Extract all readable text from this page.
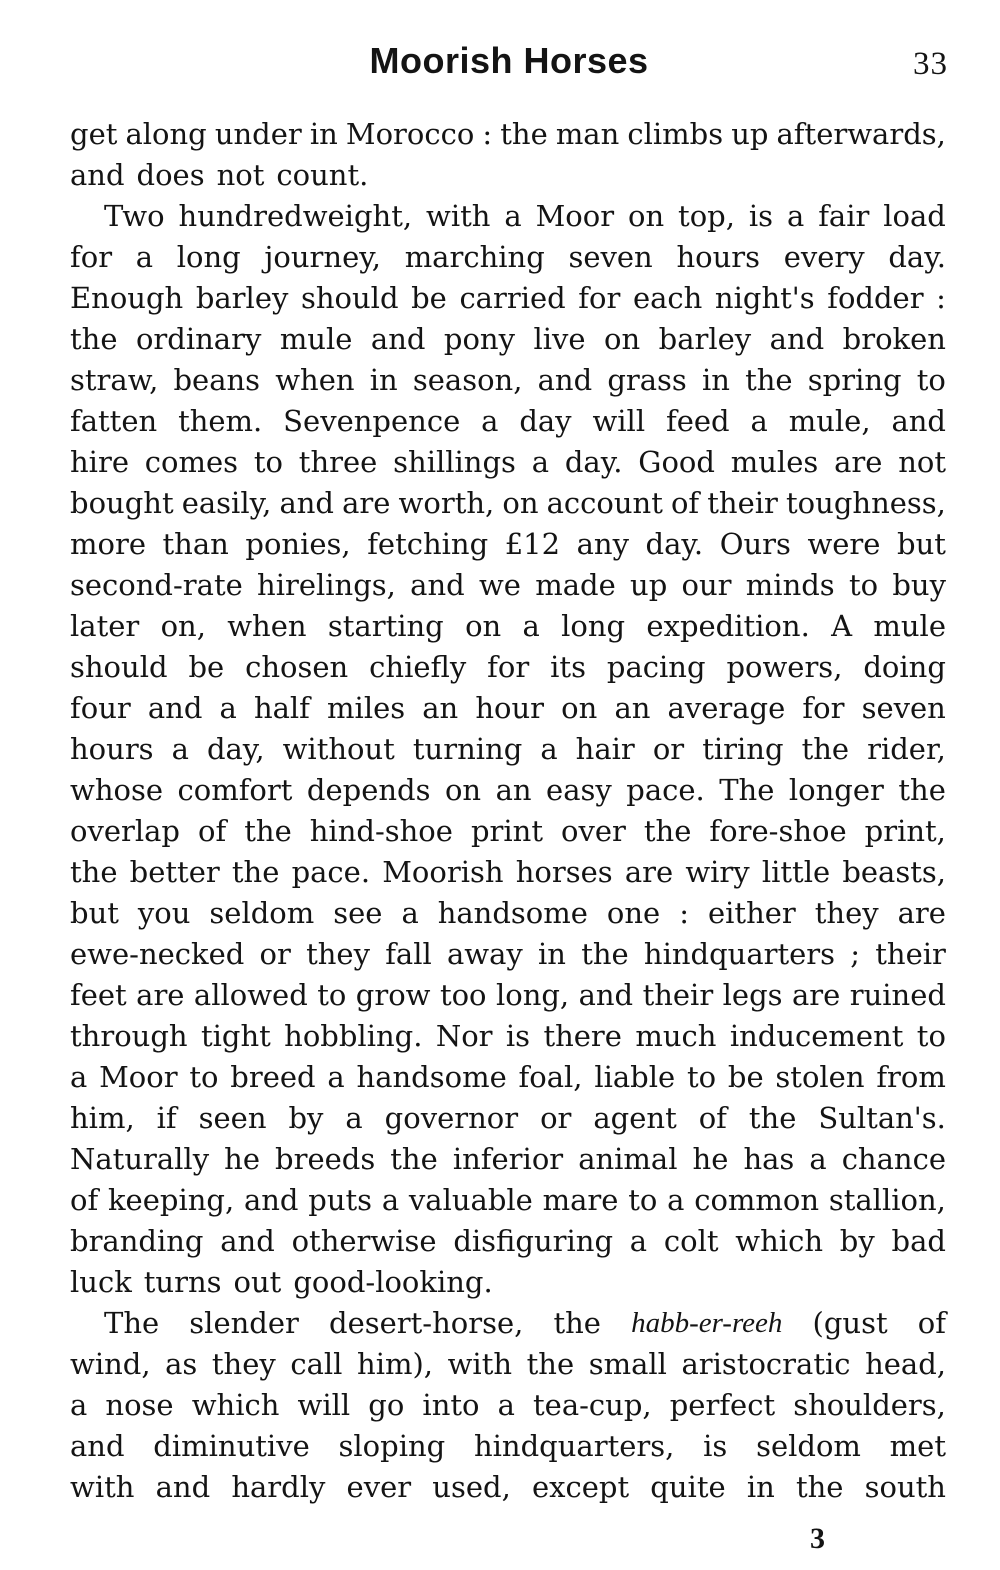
Moorish Horses	33
get along under in Morocco : the man climbs up afterwards,
and does not count.
Two hundredweight, with a Moor on top, is a fair load
for a long journey, marching seven hours every day.
Enough barley should be carried for each night's fodder :
the ordinary mule and pony live on barley and broken
straw, beans when in season, and grass in the spring to
fatten them. Sevenpence a day will feed a mule, and
hire comes to three shillings a day. Good mules are not
bought easily, and are worth, on account of their toughness,
more than ponies, fetching £12 any day. Ours were but
second-rate hirelings, and we made up our minds to buy
later on, when starting on a long expedition. A mule
should be chosen chiefly for its pacing powers, doing
four and a half miles an hour on an average for seven
hours a day, without turning a hair or tiring the rider,
whose comfort depends on an easy pace. The longer the
overlap of the hind-shoe print over the fore-shoe print,
the better the pace. Moorish horses are wiry little beasts,
but you seldom see a handsome one : either they are
ewe-necked or they fall away in the hindquarters ; their
feet are allowed to grow too long, and their legs are ruined
through tight hobbling. Nor is there much inducement to
a Moor to breed a handsome foal, liable to be stolen from
him, if seen by a governor or agent of the Sultan's.
Naturally he breeds the inferior animal he has a chance
of keeping, and puts a valuable mare to a common stallion,
branding and otherwise disfiguring a colt which by bad
luck turns out good-looking.
The slender desert-horse, the habb-er-reeh (gust of
wind, as they call him), with the small aristocratic head,
a nose which will go into a tea-cup, perfect shoulders,
and diminutive sloping hindquarters, is seldom met
with and hardly ever used, except quite in the south
3
